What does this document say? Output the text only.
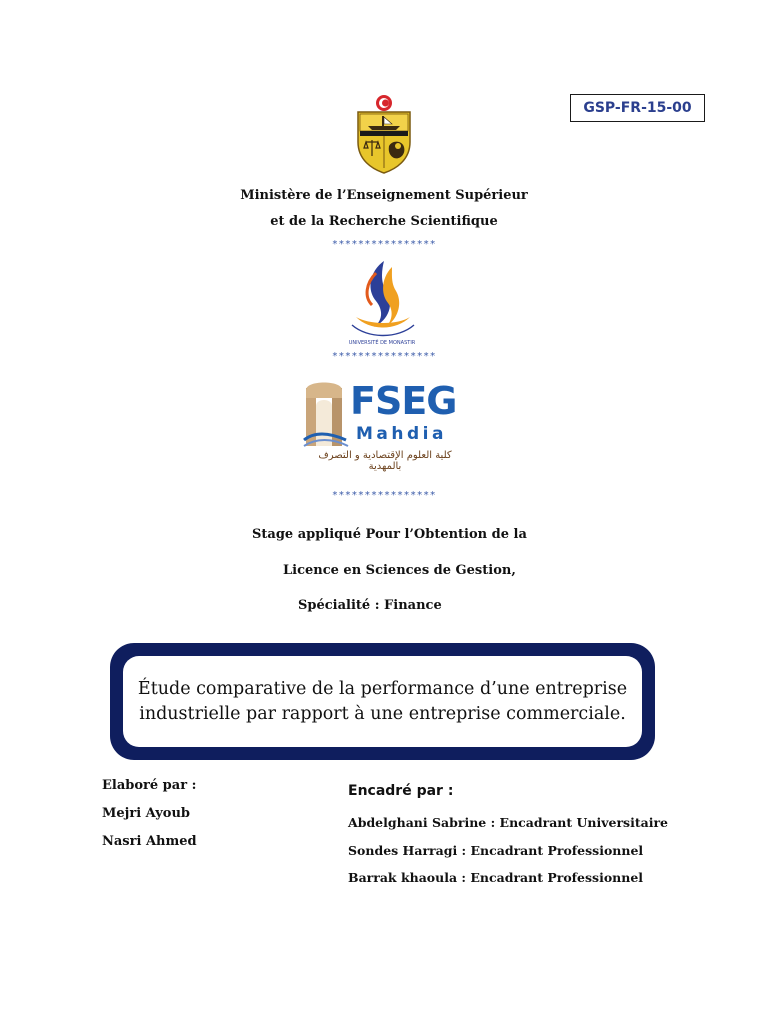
GSP-FR-15-00
Ministère de l’Enseignement Supérieur
et de la Recherche Scientifique
****************
UNIVERSITÉ DE MONASTIR
****************
FSEG
Mahdia
كلية العلوم الإقتصادية و التصرف بالمهدية
****************
Stage appliqué Pour l’Obtention de la
Licence en Sciences de Gestion,
Spécialité : Finance
Étude comparative de la performance d’une entreprise
industrielle par rapport à une entreprise commerciale.
Elaboré par :
Mejri Ayoub
Nasri Ahmed
Encadré par :
Abdelghani Sabrine : Encadrant Universitaire
Sondes Harragi : Encadrant Professionnel
Barrak khaoula : Encadrant Professionnel
